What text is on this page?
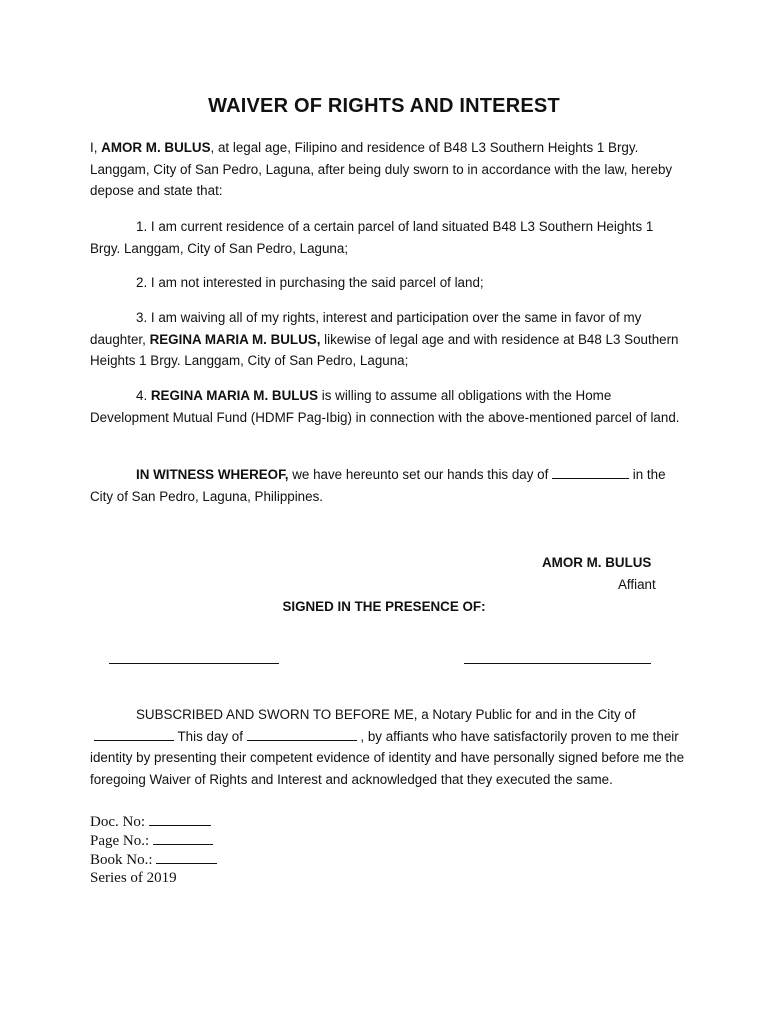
WAIVER OF RIGHTS AND INTEREST

I, AMOR M. BULUS, at legal age, Filipino and residence of B48 L3 Southern Heights 1 Brgy. Langgam, City of San Pedro, Laguna, after being duly sworn to in accordance with the law, hereby depose and state that:

1. I am current residence of a certain parcel of land situated B48 L3 Southern Heights 1 Brgy. Langgam, City of San Pedro, Laguna;

2. I am not interested in purchasing the said parcel of land;

3. I am waiving all of my rights, interest and participation over the same in favor of my daughter, REGINA MARIA M. BULUS, likewise of legal age and with residence at B48 L3 Southern Heights 1 Brgy. Langgam, City of San Pedro, Laguna;

4. REGINA MARIA M. BULUS is willing to assume all obligations with the Home Development Mutual Fund (HDMF Pag-Ibig) in connection with the above-mentioned parcel of land.

IN WITNESS WHEREOF, we have hereunto set our hands this day of	in the City of San Pedro, Laguna, Philippines.

AMOR M. BULUS
Affiant
SIGNED IN THE PRESENCE OF:

SUBSCRIBED AND SWORN TO BEFORE ME, a Notary Public for and in the City of  This day of	, by affiants who have satisfactorily proven to me their identity by presenting their competent evidence of identity and have personally signed before me the foregoing Waiver of Rights and Interest and acknowledged that they executed the same.

Doc. No:
Page No.:
Book No.:
Series of 2019
